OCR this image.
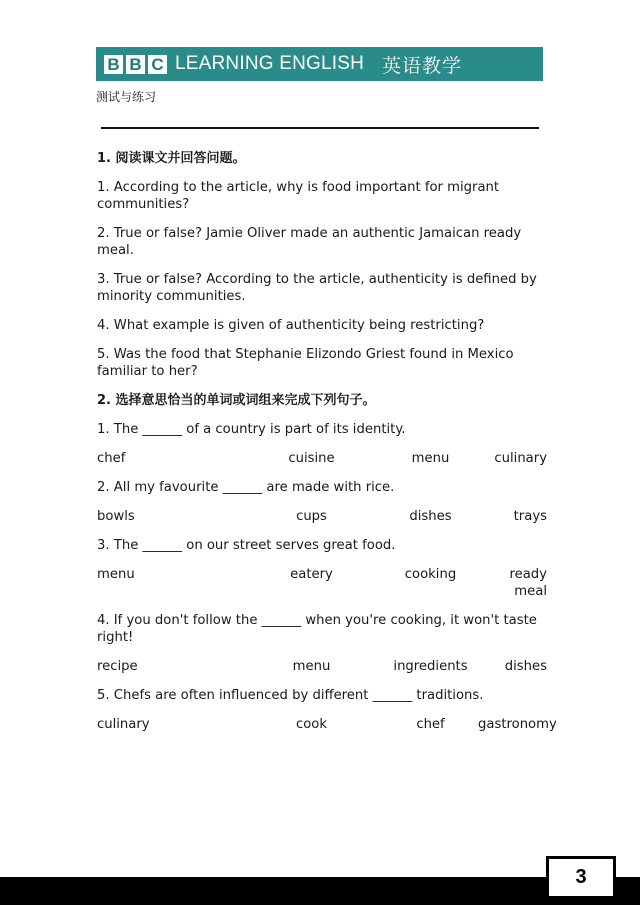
B B C LEARNING ENGLISH 英语教学
测试与练习

1. 阅读课文并回答问题。

1. According to the article, why is food important for migrant communities?

2. True or false? Jamie Oliver made an authentic Jamaican ready meal.

3. True or false? According to the article, authenticity is defined by minority communities.

4. What example is given of authenticity being restricting?

5. Was the food that Stephanie Elizondo Griest found in Mexico familiar to her?

2. 选择意思恰当的单词或词组来完成下列句子。

1. The ______ of a country is part of its identity.

chef	cuisine	menu	culinary

2. All my favourite ______ are made with rice.

bowls	cups	dishes	trays

3. The ______ on our street serves great food.

menu	eatery	cooking	ready meal

4. If you don't follow the ______ when you're cooking, it won't taste right!

recipe	menu	ingredients	dishes

5. Chefs are often influenced by different ______ traditions.

culinary	cook	chef	gastronomy
3
